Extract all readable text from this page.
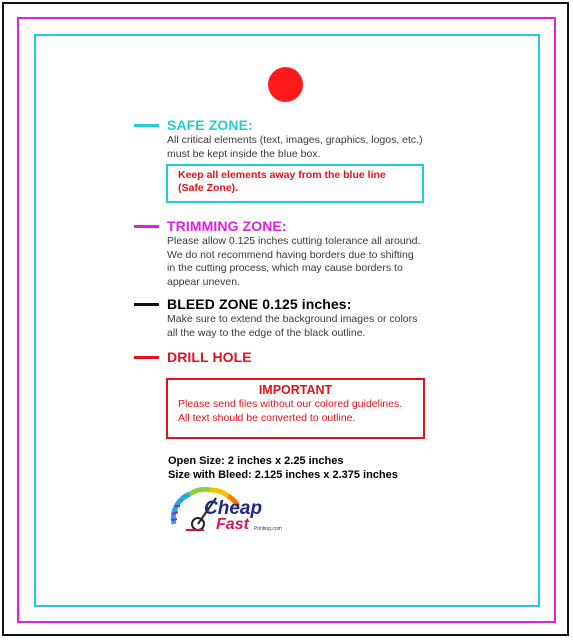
SAFE ZONE:
All critical elements (text, images, graphics, logos, etc.)
must be kept inside the blue box.
Keep all elements away from the blue line
(Safe Zone).
TRIMMING ZONE:
Please allow 0.125 inches cutting tolerance all around.
We do not recommend having borders due to shifting
in the cutting process, which may cause borders to
appear uneven.
BLEED ZONE 0.125 inches:
Make sure to extend the background images or colors
all the way to the edge of the black outline.
DRILL HOLE
IMPORTANT
Please send files without our colored guidelines.
All text should be converted to outline.
Open Size: 2 inches x 2.25 inches
Size with Bleed: 2.125 inches x 2.375 inches
Cheap
Fast Printing.com
